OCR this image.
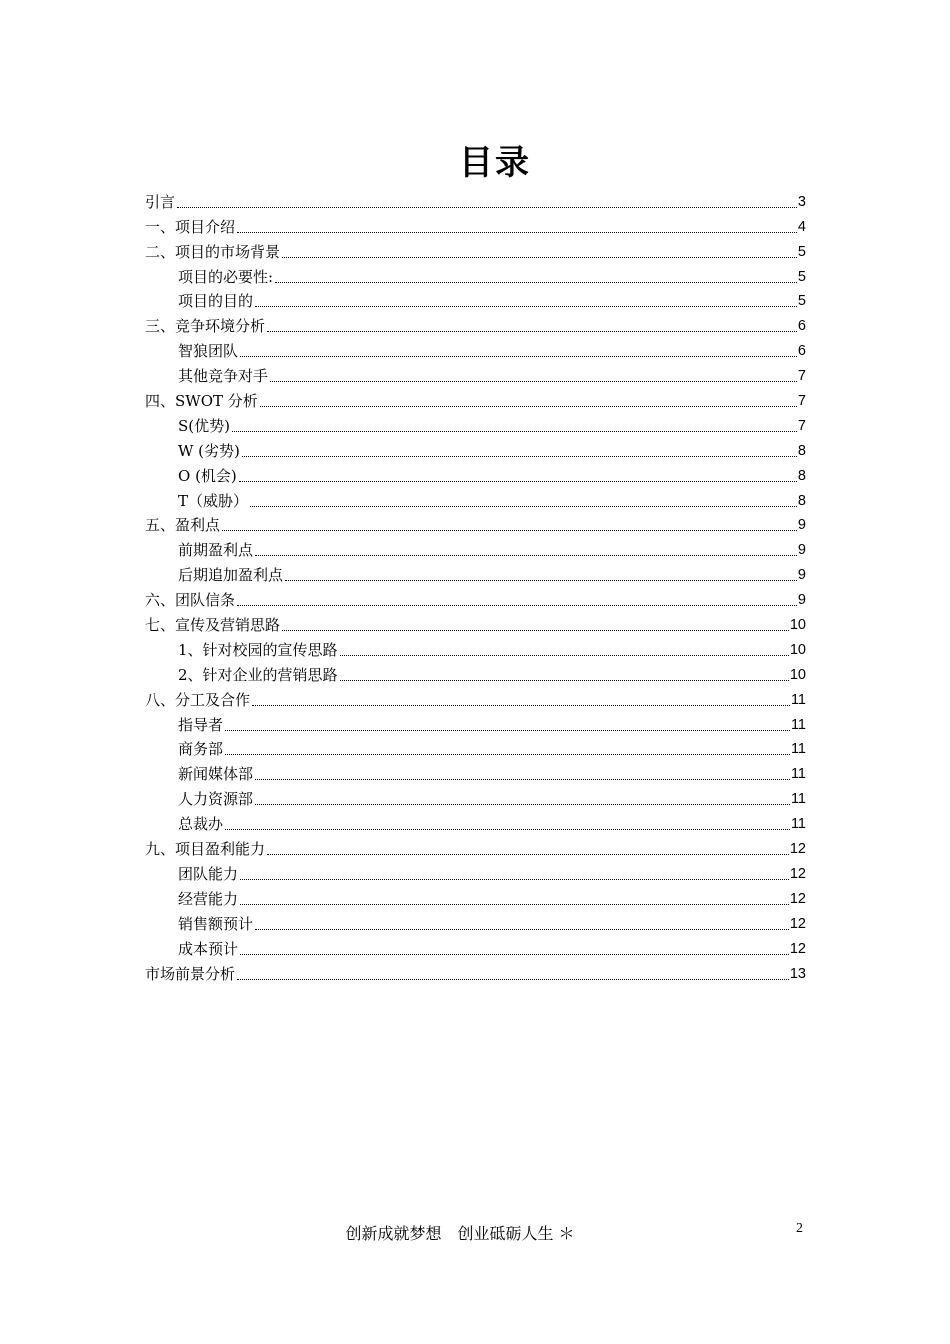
目录
引言	3
一、项目介绍	4
二、项目的市场背景	5
项目的必要性:	5
项目的目的	5
三、竞争环境分析	6
智狼团队	6
其他竞争对手	7
四、SWOT 分析	7
S(优势)	7
W (劣势)	8
O (机会)	8
T（威胁）	8
五、盈利点	9
前期盈利点	9
后期追加盈利点	9
六、团队信条	9
七、宣传及营销思路	10
1、针对校园的宣传思路	10
2、针对企业的营销思路	10
八、分工及合作	11
指导者	11
商务部	11
新闻媒体部	11
人力资源部	11
总裁办	11
九、项目盈利能力	12
团队能力	12
经营能力	12
销售额预计	12
成本预计	12
市场前景分析	13
创新成就梦想　创业砥砺人生 ＊	2
